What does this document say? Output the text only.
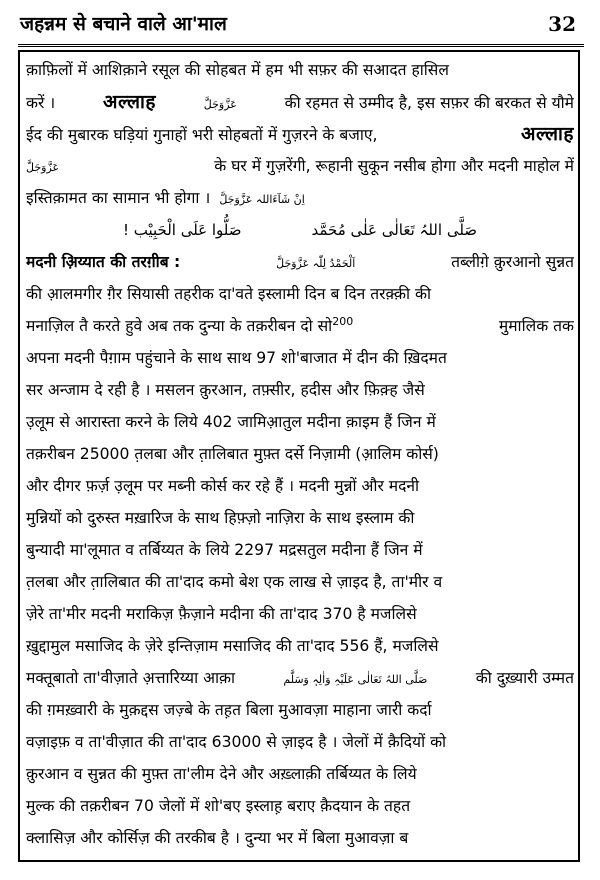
जहन्नम से बचाने वाले आ'माल	32
क़ाफ़िलों में आशिक़ाने रसूल की सोहबत में हम भी सफ़र की सआदत हासिल
करें ।	अल्लाह	عَزَّوَجَلَّ	की रहमत से उम्मीद है, इस सफ़र की बरकत से यौमे
ईद की मुबारक घड़ियां गुनाहों भरी सोहबतों में गुज़रने के बजाए,	अल्लाह
عَزَّوَجَلَّ	के घर में गुज़रेंगी, रूहानी सुकून नसीब होगा और मदनी माहोल में
इस्तिक़ामत का सामान भी होगा । اِنْ شَآءَاللہ عَزَّوَجَلَّ
صَلُّوا عَلَی الْحَبِیْب !	صَلَّی اللہُ تَعَالٰی عَلٰی مُحَمَّد
मदनी अ़िय्यात की तरग़ीब :	اَلْحَمْدُ لِلّٰہ عَزَّوَجَلَّ	तब्लीग़े क़ुरआनो सुन्नत
की आ़लमगीर ग़ैर सियासी तहरीक दा'वते इस्लामी दिन ब दिन तरक़्क़ी की
मनाज़िल तै करते हुवे अब तक दुन्या के तक़रीबन दो सो$^{200}$	मुमालिक तक
अपना मदनी पैग़ाम पहुंचाने के साथ साथ 97 शो'बाजात में दीन की ख़िदमत
सर अन्जाम दे रही है । मसलन क़ुरआन, तफ़्सीर, हदीस और फ़िक़्ह जैसे
उ़लूम से आरास्ता करने के लिये 402 जामिआ़तुल मदीना क़ाइम हैं जिन में
तक़रीबन 25000 त़लबा और त़ालिबात मुफ़्त दर्से निज़ामी (आ़लिम कोर्स)
और दीगर फ़र्ज़ उ़लूम पर मब्नी कोर्स कर रहे हैं । मदनी मुन्नों और मदनी
मुन्नियों को दुरुस्त मख़ारिज के साथ हिफ़्ज़ो नाज़िरा के साथ इस्लाम की
बुन्यादी मा'लूमात व तर्बिय्यत के लिये 2297 मद्रसतुल मदीना हैं जिन में
त़लबा और त़ालिबात की ता'दाद कमो बेश एक लाख से ज़ाइद है, ता'मीर व
ज़ेरे ता'मीर मदनी मराकिज़ फ़ैज़ाने मदीना की ता'दाद 370 है मजलिसे
ख़ुद्दामुल मसाजिद के ज़ेरे इन्तिज़ाम मसाजिद की ता'दाद 556 हैं, मजलिसे
मक्तूबातो ता'वीज़ाते अ़त्तारिय्या आक़ा	صَلَّی اللہُ تَعَالٰی عَلَیْہِ وَاٰلِہٖ وَسَلَّم	की दुख़्यारी उम्मत
की ग़मख़्वारी के मुक़द्दस जज़्बे के तह़त बिला मुआवज़ा माहाना जारी कर्दा
वज़ाइफ़ व ता'वीज़ात की ता'दाद 63000 से ज़ाइद है । जेलों में क़ैदियों को
क़ुरआन व सुन्नत की मुफ़्त ता'लीम देने और अख़्लाक़ी तर्बिय्यत के लिये
मुल्क की तक़रीबन 70 जेलों में शो'बए इस्लाह़ बराए क़ैदयान के तहत
क्लासिज़ और कोर्सिज़ की तरकीब है । दुन्या भर में बिला मुआवज़ा ब
